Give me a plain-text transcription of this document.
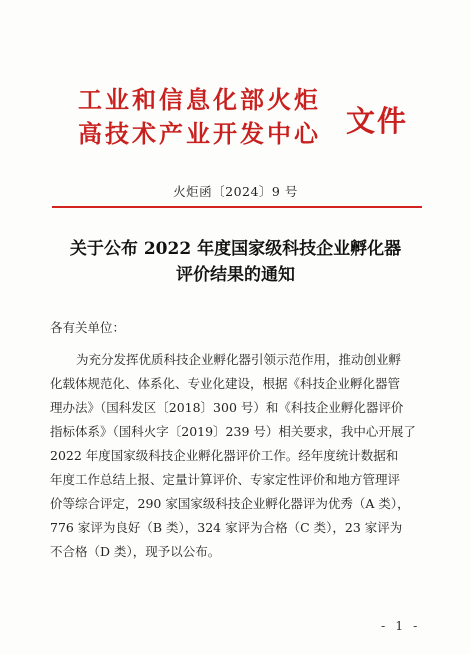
工业和信息化部火炬
高技术产业开发中心 文件
火炬函〔2024〕9 号
关于公布 2022 年度国家级科技企业孵化器
评价结果的通知
各有关单位：
为充分发挥优质科技企业孵化器引领示范作用，推动创业孵
化载体规范化、体系化、专业化建设，根据《科技企业孵化器管
理办法》（国科发区〔2018〕300 号）和《科技企业孵化器评价
指标体系》（国科火字〔2019〕239 号）相关要求，我中心开展了
2022 年度国家级科技企业孵化器评价工作。经年度统计数据和
年度工作总结上报、定量计算评价、专家定性评价和地方管理评
价等综合评定，290 家国家级科技企业孵化器评为优秀（A 类），
776 家评为良好（B 类），324 家评为合格（C 类），23 家评为
不合格（D 类），现予以公布。
- 1 -
